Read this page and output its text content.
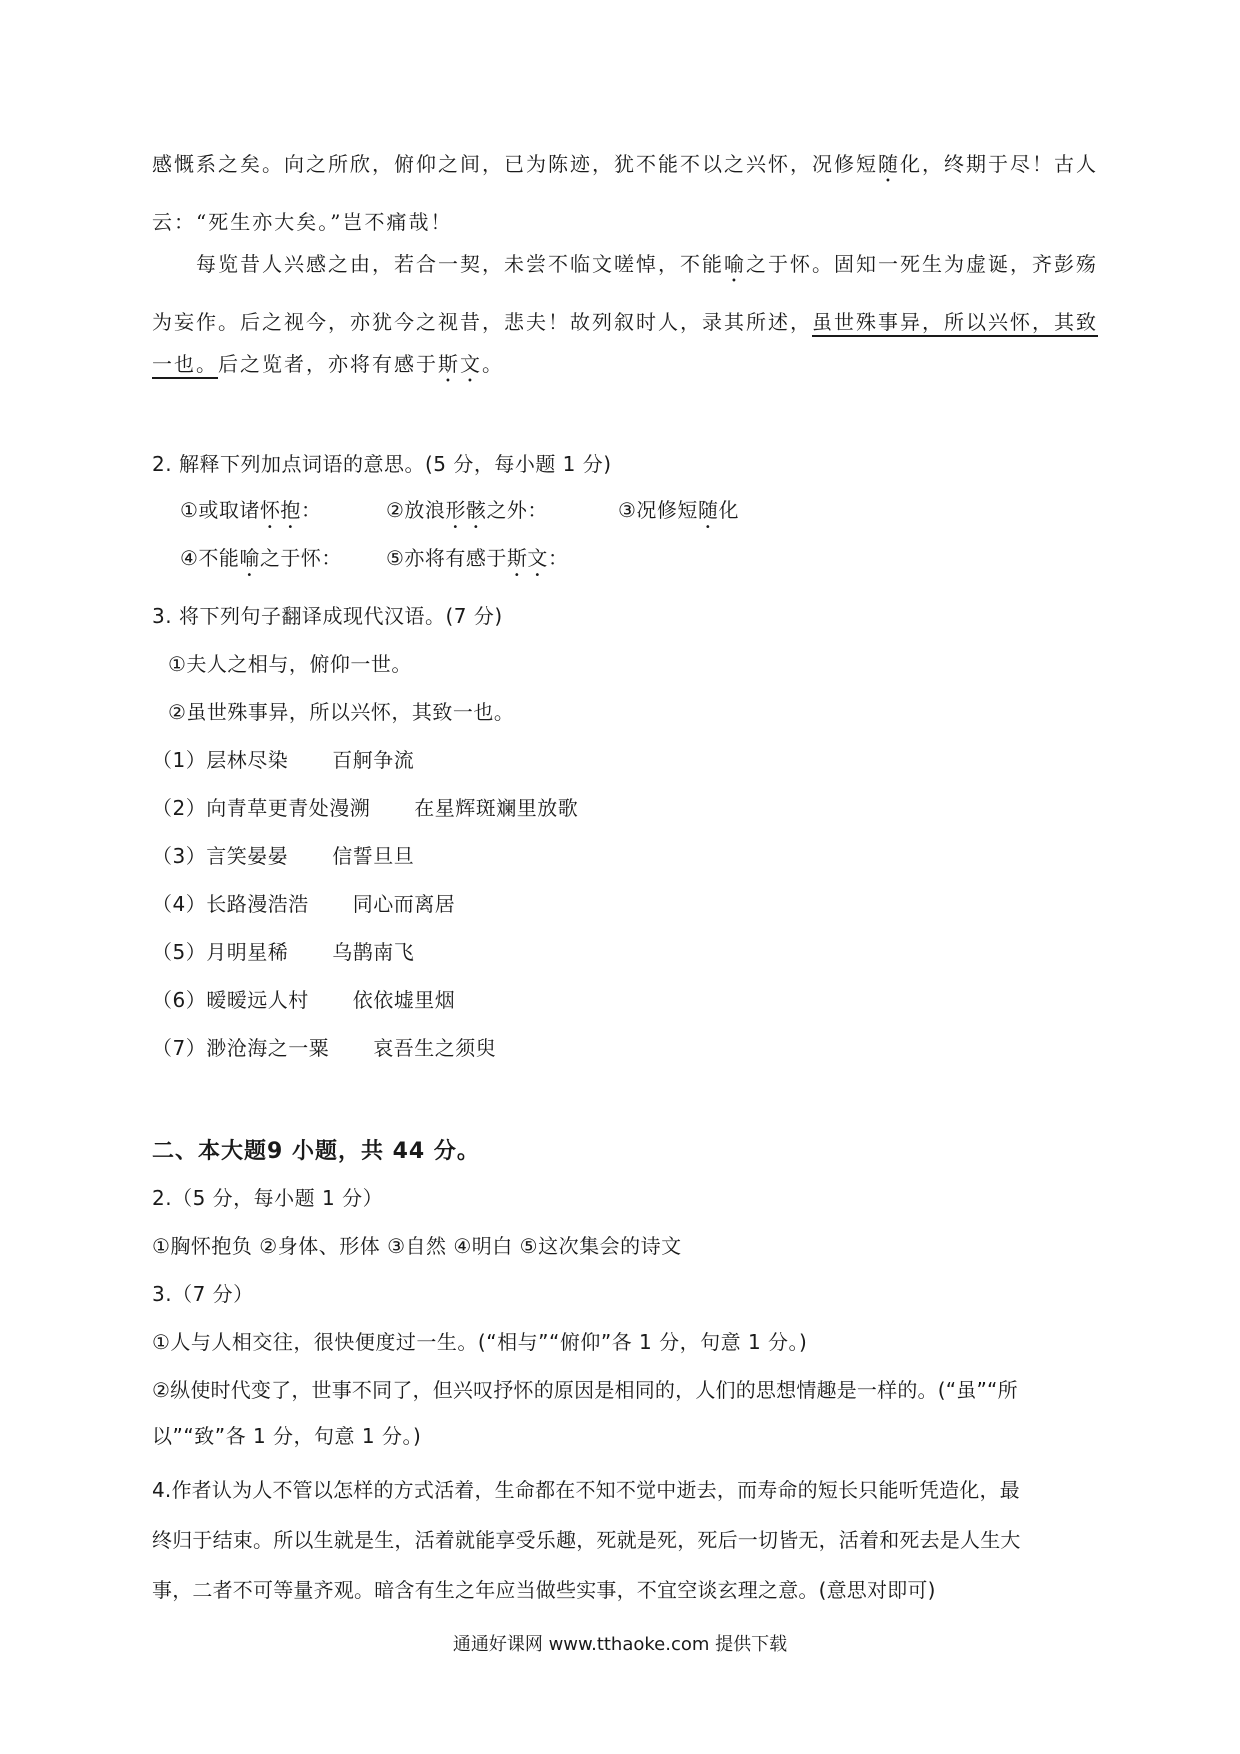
感慨系之矣。向之所欣，俯仰之间，已为陈迹，犹不能不以之兴怀，况修短随化，终期于尽！古人
云：“死生亦大矣。”岂不痛哉！
每览昔人兴感之由，若合一契，未尝不临文嗟悼，不能喻之于怀。固知一死生为虚诞，齐彭殇
为妄作。后之视今，亦犹今之视昔，悲夫！故列叙时人，录其所述，虽世殊事异，所以兴怀，其致
一也。后之览者，亦将有感于斯文。
2. 解释下列加点词语的意思。(5 分，每小题 1 分)
①或取诸怀抱：	②放浪形骸之外：	③况修短随化
④不能喻之于怀： ⑤亦将有感于斯文：
3. 将下列句子翻译成现代汉语。(7 分)
①夫人之相与，俯仰一世。
②虽世殊事异，所以兴怀，其致一也。
（1）层林尽染 百舸争流
（2）向青草更青处漫溯 在星辉斑斓里放歌
（3）言笑晏晏 信誓旦旦
（4）长路漫浩浩 同心而离居
（5）月明星稀 乌鹊南飞
（6）暧暧远人村 依依墟里烟
（7）渺沧海之一粟 哀吾生之须臾
二、本大题9 小题，共 44 分。
2.（5 分，每小题 1 分）
①胸怀抱负 ②身体、形体 ③自然 ④明白 ⑤这次集会的诗文
3.（7 分）
①人与人相交往，很快便度过一生。(“相与”“俯仰”各 1 分，句意 1 分。)
②纵使时代变了，世事不同了，但兴叹抒怀的原因是相同的，人们的思想情趣是一样的。(“虽”“所
以”“致”各 1 分，句意 1 分。)
4.作者认为人不管以怎样的方式活着，生命都在不知不觉中逝去，而寿命的短长只能听凭造化，最
终归于结束。所以生就是生，活着就能享受乐趣，死就是死，死后一切皆无，活着和死去是人生大
事，二者不可等量齐观。暗含有生之年应当做些实事，不宜空谈玄理之意。(意思对即可)
通通好课网 www.tthaoke.com 提供下载
